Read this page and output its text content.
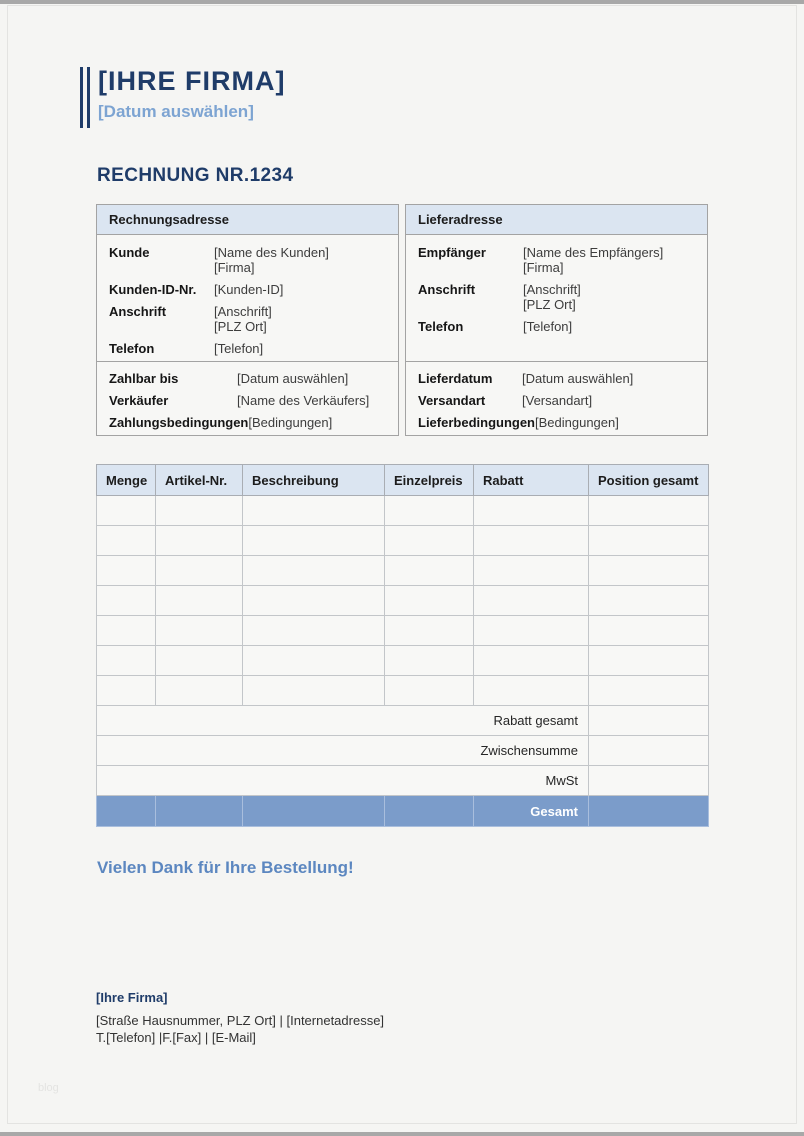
[IHRE FIRMA]
[Datum auswählen]
RECHNUNG NR.1234
Rechnungsadresse
Kunde	[Name des Kunden]
[Firma]
Kunden-ID-Nr.	[Kunden-ID]
Anschrift	[Anschrift]
[PLZ Ort]
Telefon	[Telefon]
Zahlbar bis	[Datum auswählen]
Verkäufer	[Name des Verkäufers]
Zahlungsbedingungen [Bedingungen]
Lieferadresse
Empfänger	[Name des Empfängers]
[Firma]
Anschrift	[Anschrift]
[PLZ Ort]
Telefon	[Telefon]
Lieferdatum	[Datum auswählen]
Versandart	[Versandart]
Lieferbedingungen [Bedingungen]
Menge	Artikel-Nr.	Beschreibung	Einzelpreis	Rabatt	Position gesamt

Rabatt gesamt					
Zwischensumme					
MwSt					
				Gesamt	
Vielen Dank für Ihre Bestellung!
[Ihre Firma]
[Straße Hausnummer, PLZ Ort] | [Internetadresse]
T.[Telefon] |F.[Fax] | [E-Mail]
blog
